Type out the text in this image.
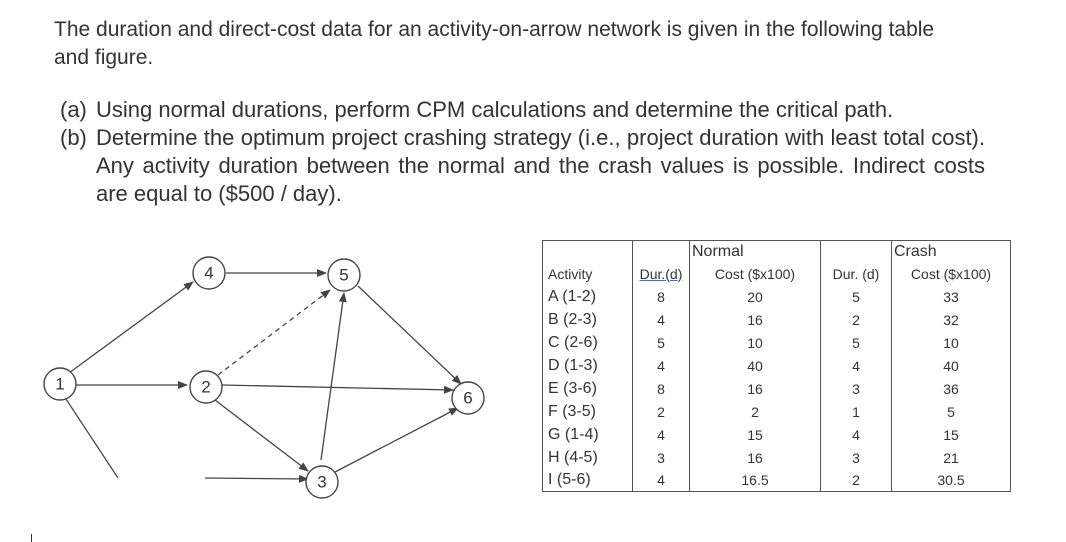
The duration and direct-cost data for an activity-on-arrow network is given in the following table and figure.

(a) Using normal durations, perform CPM calculations and determine the critical path.
(b) Determine the optimum project crashing strategy (i.e., project duration with least total cost). Any activity duration between the normal and the crash values is possible. Indirect costs are equal to ($500 / day).
1	2
3
4	5
6
		Normal		Crash
Activity	Dur.(d)	Cost ($x100)	Dur. (d)	Cost ($x100)
A (1-2)	8	20	5	33
B (2-3)	4	16	2	32
C (2-6)	5	10	5	10
D (1-3)	4	40	4	40
E (3-6)	8	16	3	36
F (3-5)	2	2	1	5
G (1-4)	4	15	4	15
H (4-5)	3	16	3	21
I (5-6)	4	16.5	2	30.5
